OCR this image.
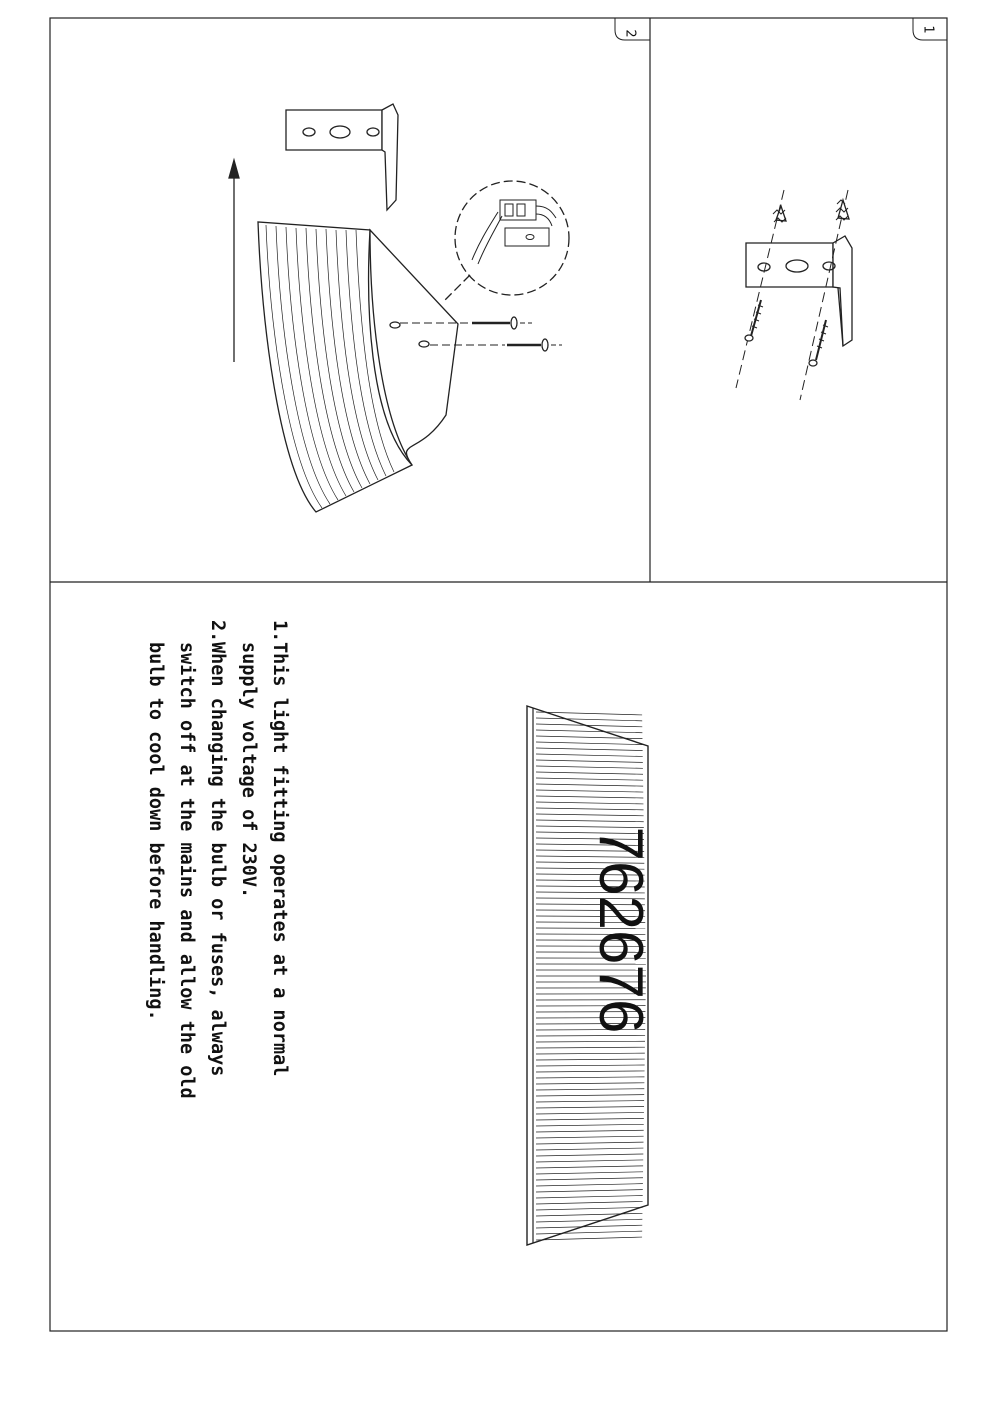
1
2
762676
1.This light fitting operates at a normal
supply voltage of 230V.
2.When changing the bulb or fuses, always
switch off at the mains and allow the old
bulb to cool down before handling.
